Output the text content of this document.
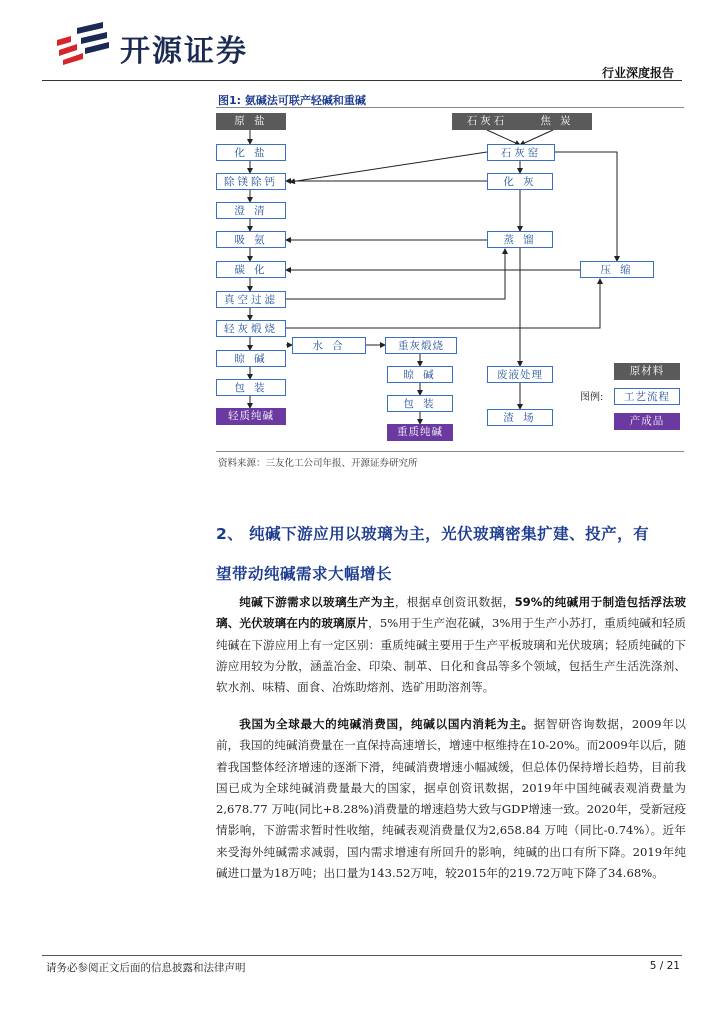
开源证券
行业深度报告
图1: 氨碱法可联产轻碱和重碱
原 盐
化 盐
除镁除钙
澄 清
吸 氨
碳 化
真空过滤
轻灰煅烧
晾 碱
包 装
轻质纯碱
石灰石	焦 炭
石灰窑
化 灰
蒸 馏
压 缩
废液处理
渣 场
水 合	重灰煅烧
晾 碱
包 装
重质纯碱
图例:
原材料
工艺流程
产成品
资料来源：三友化工公司年报、开源证券研究所
2、 纯碱下游应用以玻璃为主，光伏玻璃密集扩建、投产，有
望带动纯碱需求大幅增长
纯碱下游需求以玻璃生产为主，根据卓创资讯数据，59%的纯碱用于制造包括浮法玻璃、光伏玻璃在内的玻璃原片，5%用于生产泡花碱，3%用于生产小苏打，重质纯碱和轻质纯碱在下游应用上有一定区别：重质纯碱主要用于生产平板玻璃和光伏玻璃；轻质纯碱的下游应用较为分散，涵盖冶金、印染、制革、日化和食品等多个领域，包括生产生活洗涤剂、软水剂、味精、面食、冶炼助熔剂、选矿用助溶剂等。
我国为全球最大的纯碱消费国，纯碱以国内消耗为主。据智研咨询数据，2009年以前，我国的纯碱消费量在一直保持高速增长，增速中枢维持在10-20%。而2009年以后，随着我国整体经济增速的逐渐下滑，纯碱消费增速小幅减缓，但总体仍保持增长趋势，目前我国已成为全球纯碱消费量最大的国家，据卓创资讯数据，2019年中国纯碱表观消费量为2,678.77 万吨(同比+8.28%)消费量的增速趋势大致与GDP增速一致。2020年，受新冠疫情影响，下游需求暂时性收缩，纯碱表观消费量仅为2,658.84 万吨（同比-0.74%）。近年来受海外纯碱需求减弱，国内需求增速有所回升的影响，纯碱的出口有所下降。2019年纯碱进口量为18万吨；出口量为143.52万吨，较2015年的219.72万吨下降了34.68%。
请务必参阅正文后面的信息披露和法律声明	5 / 21
